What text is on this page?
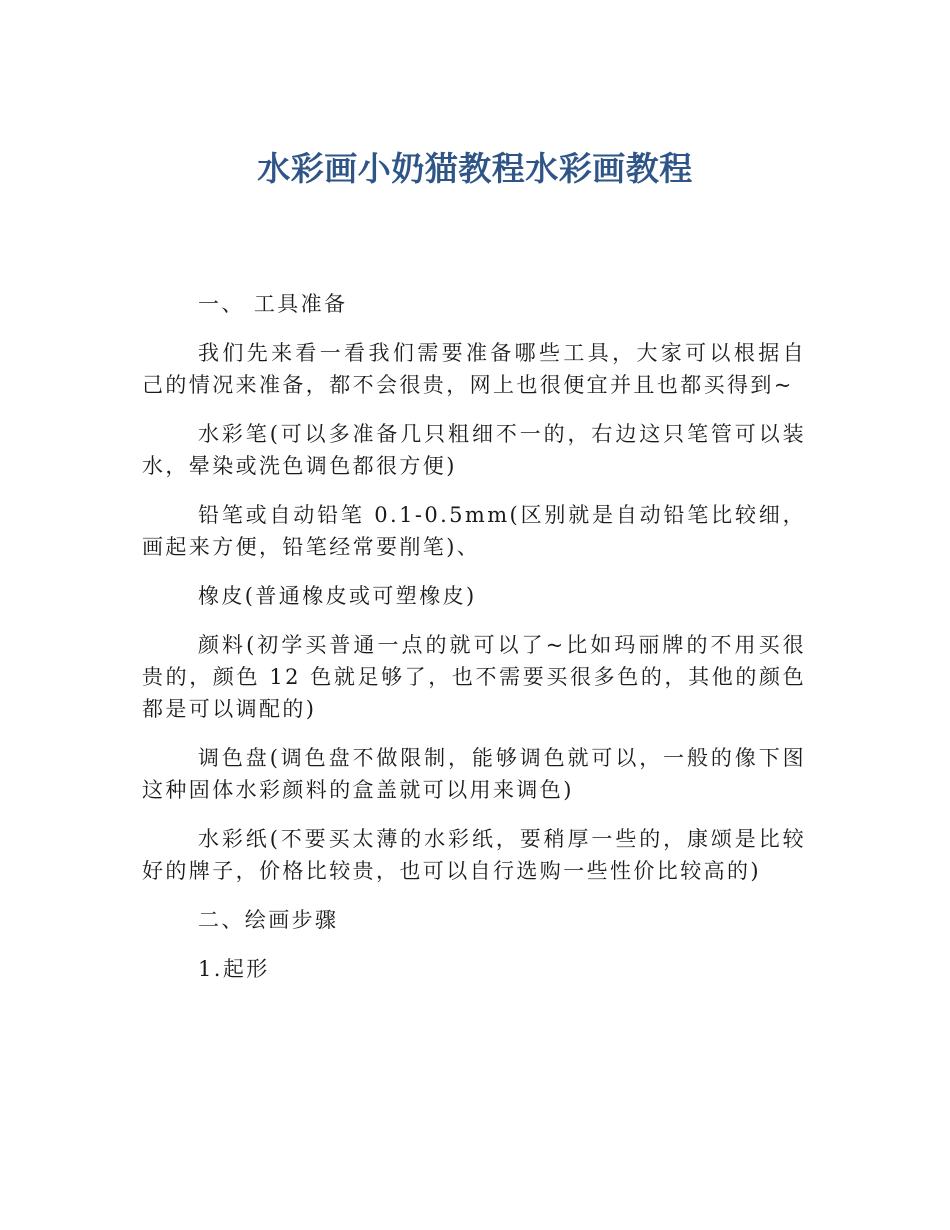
水彩画小奶猫教程水彩画教程

一、 工具准备

我们先来看一看我们需要准备哪些工具，大家可以根据自己的情况来准备，都不会很贵，网上也很便宜并且也都买得到~

水彩笔(可以多准备几只粗细不一的，右边这只笔管可以装水，晕染或洗色调色都很方便)

铅笔或自动铅笔 0.1-0.5mm(区别就是自动铅笔比较细，画起来方便，铅笔经常要削笔)、

橡皮(普通橡皮或可塑橡皮)

颜料(初学买普通一点的就可以了~比如玛丽牌的不用买很贵的，颜色 12 色就足够了，也不需要买很多色的，其他的颜色都是可以调配的)

调色盘(调色盘不做限制，能够调色就可以，一般的像下图这种固体水彩颜料的盒盖就可以用来调色)

水彩纸(不要买太薄的水彩纸，要稍厚一些的，康颂是比较好的牌子，价格比较贵，也可以自行选购一些性价比较高的)

二、绘画步骤

1.起形
